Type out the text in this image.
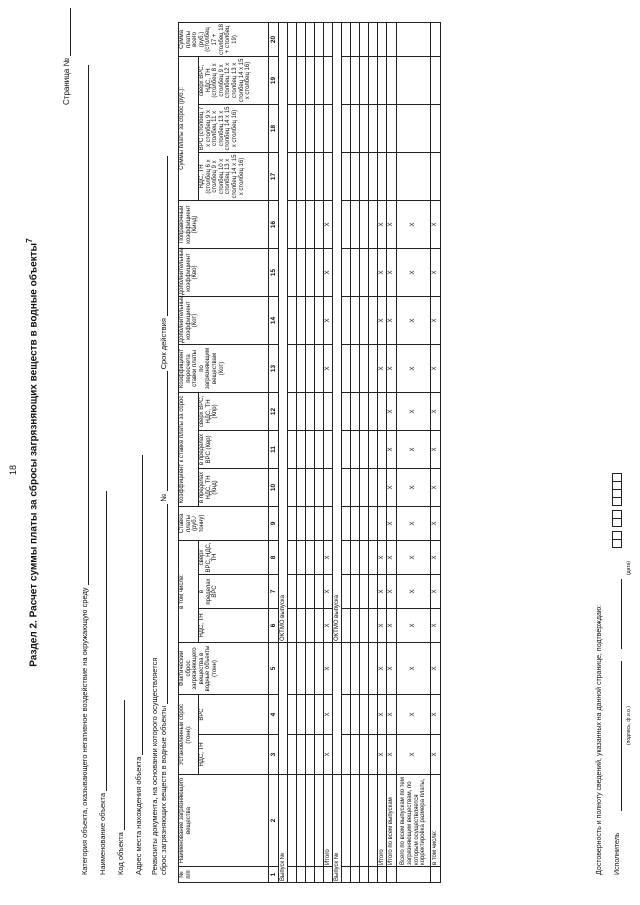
18	Раздел 2. Расчет суммы платы за сбросы загрязняющих веществ в водные объекты$^7$
Страница №
Категория объекта, оказывающего негативное воздействие на окружающую среду Наименование объекта Код объекта Адрес места нахождения объекта Реквизиты документа, на основании которого осуществляется
сброс загрязняющих веществ в водные объекты  №  Срок действия
№ п/п	Наименование загрязняющего вещества	Установленный сброс (тонн):		Фактический сброс загрязняющего вещества в водные объекты (тонн)	в том числе:			Ставка платы (руб./тонну)	Коэффициент к ставке платы за сброс			Коэффициент пересчета ставки платы по загрязняющим веществам (Кот)	Дополнительный коэффициент (Кот)	Дополнительный коэффициент (Кво)	Поправочный коэффициент (Кинд)	Суммы платы за сброс (руб.):			Сумма платы всего (руб.) (столбец 17 + столбец 18 + столбец 19)
		НДС, ТН	ВРС		НДС, ТН	в пределах ВРС	сверх ВРС, НДС, ТН		в пределах НДС, ТН (Кнд)	в пределах ВРС (Квр)	сверх ВРС, НДС, ТН (Кпр)					НДС, ТН (столбец 6 х столбец 9 х столбец 10 х столбец 13 х столбец 14 х 15 х столбец 16)	ВРС (столбец 7 х столбец 9 х столбец 11 х столбец 13 х столбец 14 х 15 х столбец 16)	сверх ВРС, НДС, ТН (столбец 8 х столбец 9 х столбец 12 х столбец 13 х столбец 14 х 15 х столбец 16)	

1	2	3	4	5	6	7	8	9	10	11	12	13	14	15	16	17	18	19	20
Выпуск №					ОКТМО выпуска														

	Итого	X	X	X	X	X	X					X	X	X	X				
Выпуск №					ОКТМО выпуска														

	Итого	X	X	X	X	X	X					X	X	X	X				
	Итого по всем выпускам	X	X	X	X	X	X	X	X	X	X	X	X	X	X				
	Всего по всем выпускам по тем загрязняющим веществам, по которым осуществляется корректировка размера платы,	X	X	X	X	X	X	X	X	X	X	X	X	X	X				
	в том числе:	X	X	X	X	X	X	X	X	X	X	X	X	X	X				
Достоверность и полноту сведений, указанных на данной странице, подтверждаю: Исполнитель
(подпись, ф.и.о.)
(дата)
